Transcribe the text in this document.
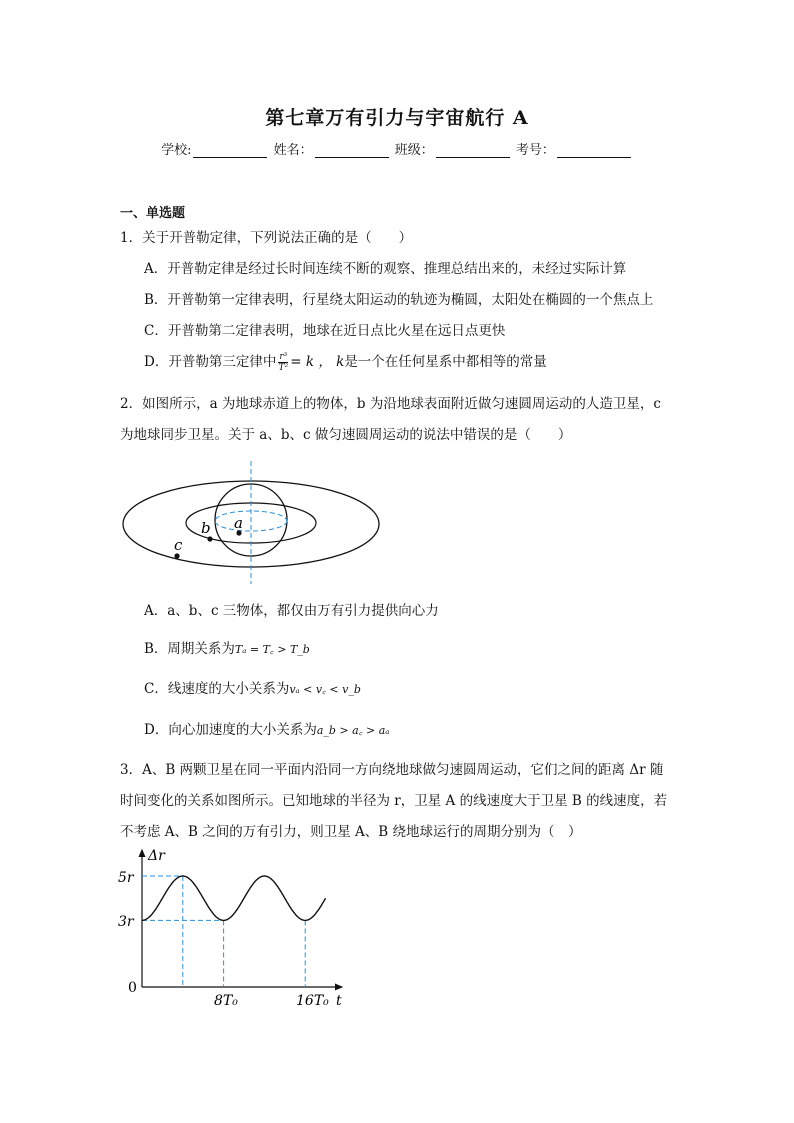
第七章万有引力与宇宙航行 A
学校:	姓名：	班级：	考号：
一、单选题
1．关于开普勒定律，下列说法正确的是（　　）
A．开普勒定律是经过长时间连续不断的观察、推理总结出来的，未经过实际计算
B．开普勒第一定律表明，行星绕太阳运动的轨迹为椭圆，太阳处在椭圆的一个焦点上
C．开普勒第二定律表明，地球在近日点比火星在远日点更快
D．开普勒第三定律中 $\frac{\text{r³}}{\text{T²}} = k$ ， k是一个在任何星系中都相等的常量
2．如图所示，a 为地球赤道上的物体，b 为沿地球表面附近做匀速圆周运动的人造卫星，c
为地球同步卫星。关于 a、b、c 做匀速圆周运动的说法中错误的是（　　）
a
b
c
A．a、b、c 三物体，都仅由万有引力提供向心力
B．周期关系为Tₐ = T꜀ > T_b
C．线速度的大小关系为vₐ < v꜀ < v_b
D．向心加速度的大小关系为a_b > a꜀ > aₐ
3．A、B 两颗卫星在同一平面内沿同一方向绕地球做匀速圆周运动，它们之间的距离 Δr 随
时间变化的关系如图所示。已知地球的半径为 r，卫星 A 的线速度大于卫星 B 的线速度，若
不考虑 A、B 之间的万有引力，则卫星 A、B 绕地球运行的周期分别为（　）
Δr
t
5r
3r
0
8T₀	16T₀
